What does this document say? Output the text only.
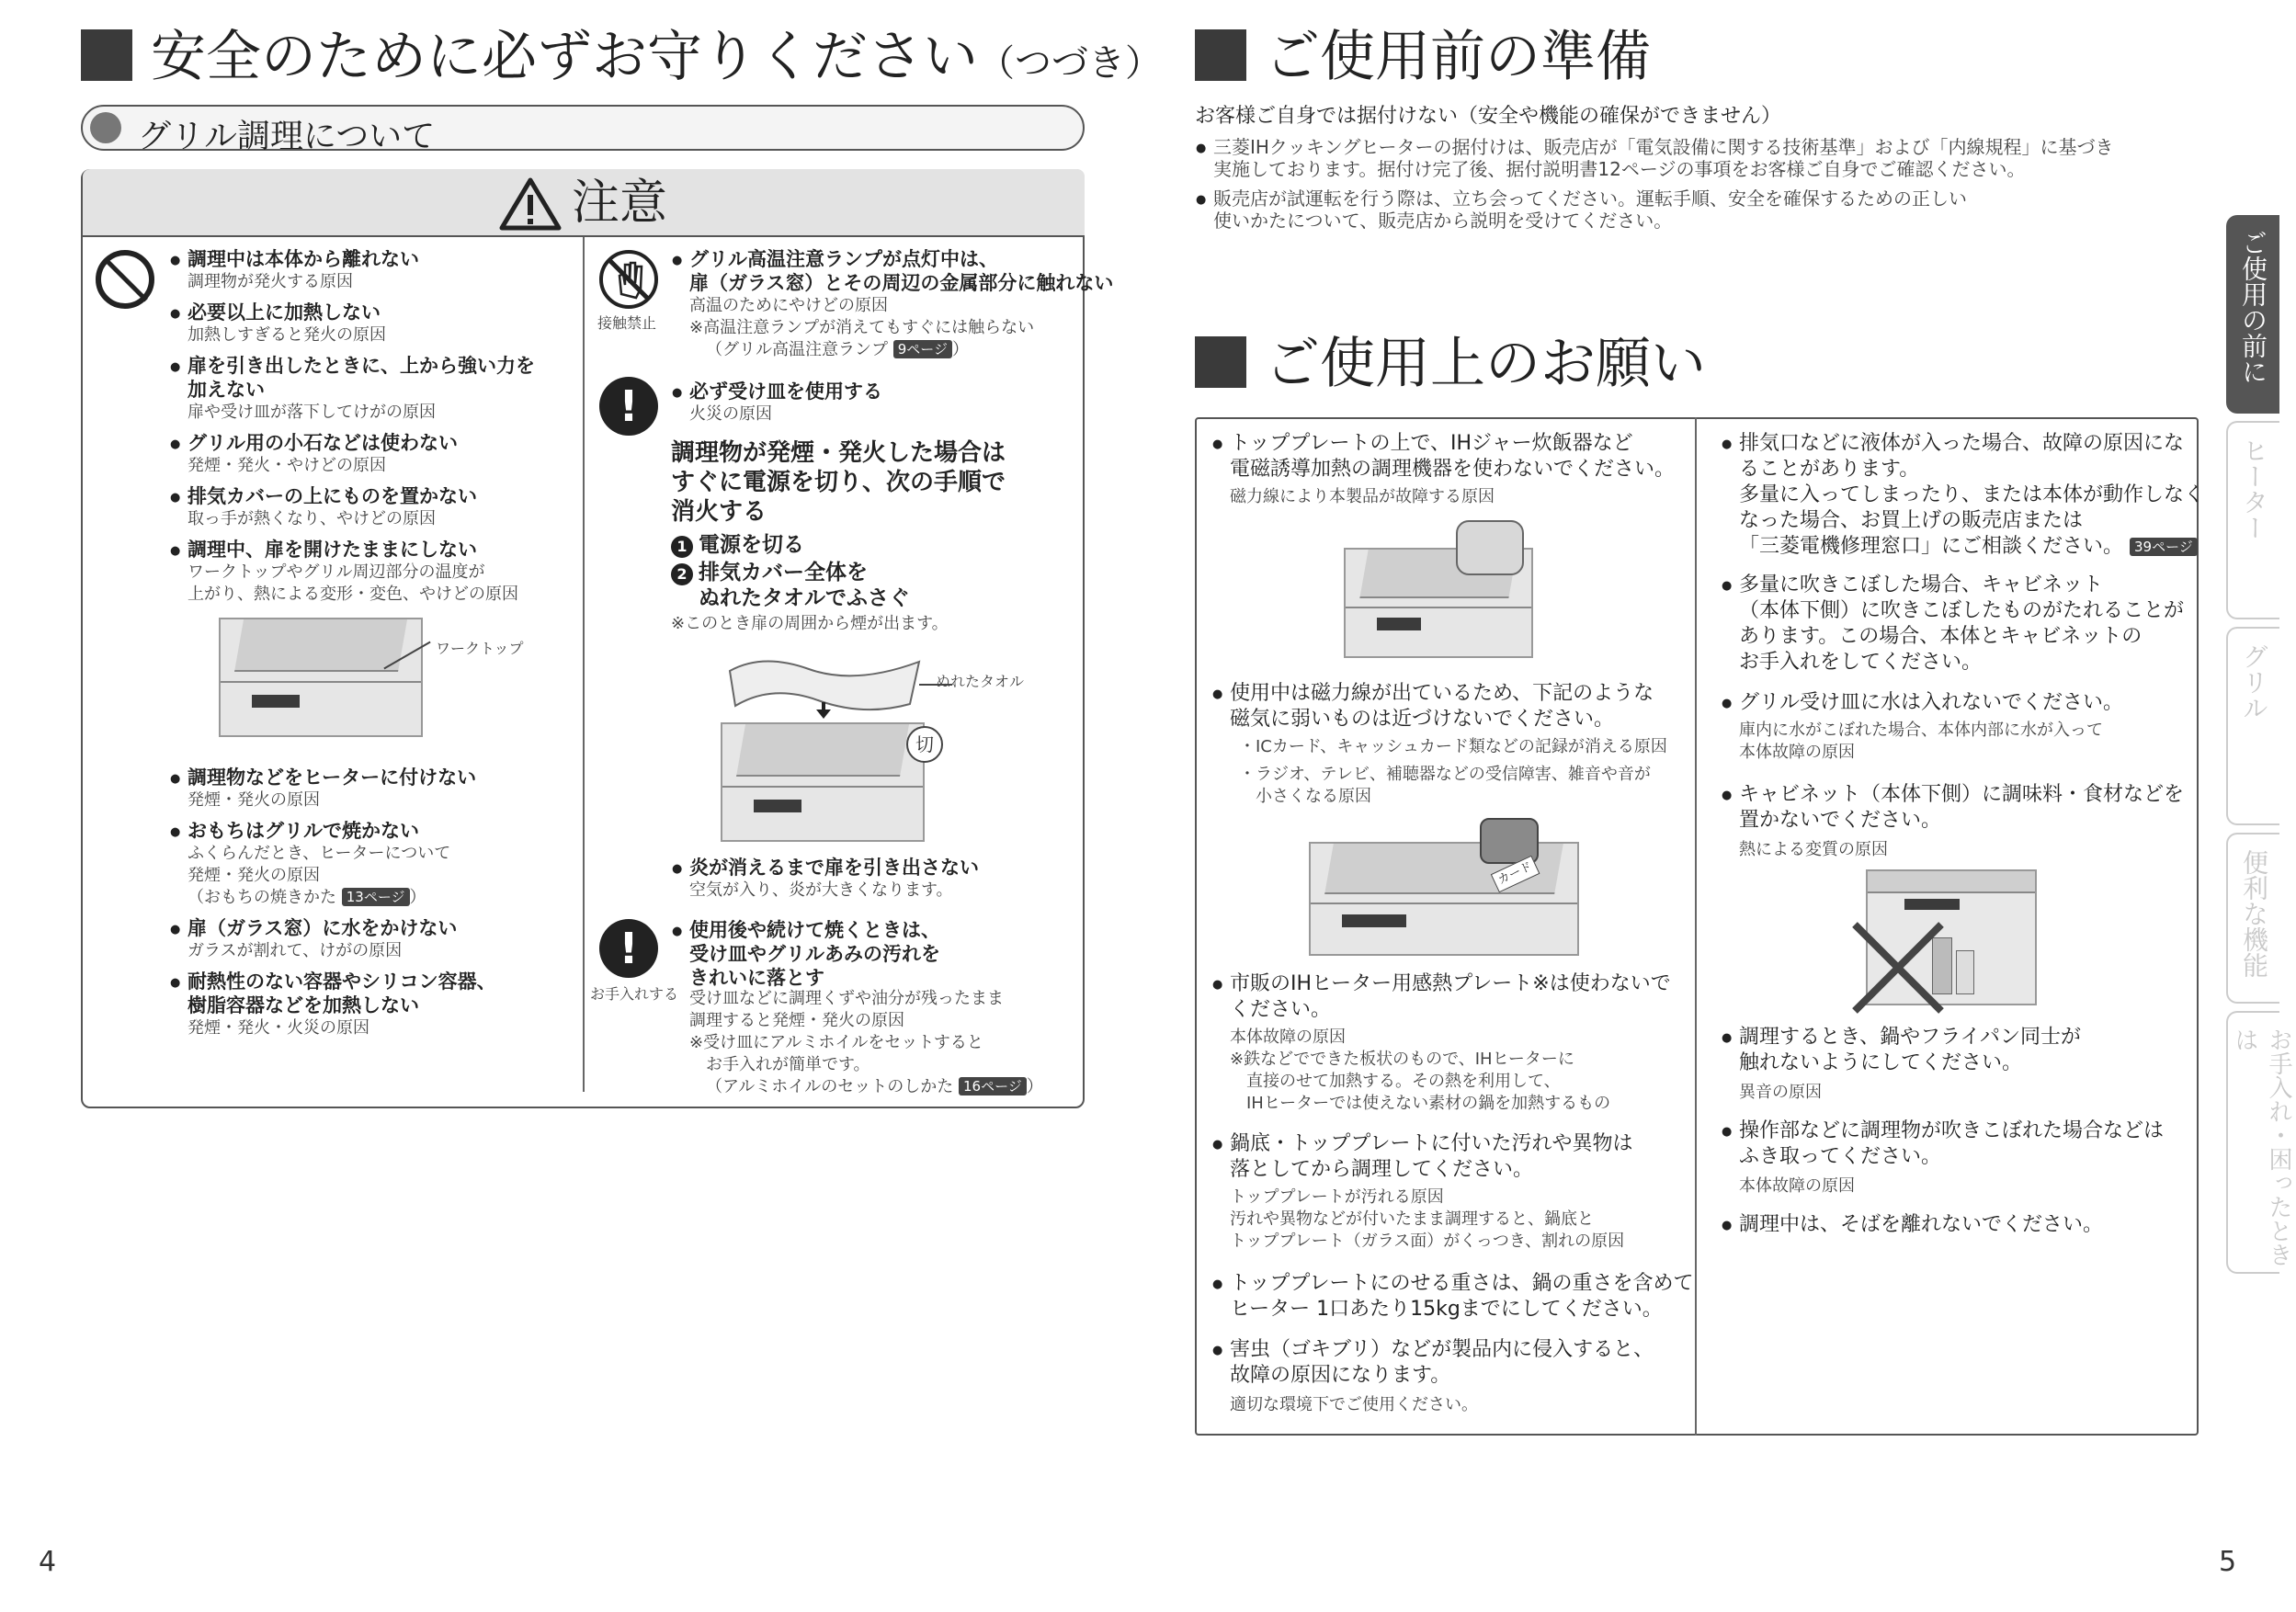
安全のために必ずお守りください（つづき）
グリル調理について
注意
● 調理中は本体から離れない
調理物が発火する原因
● 必要以上に加熱しない
加熱しすぎると発火の原因
● 扉を引き出したときに、上から強い力を
加えない
扉や受け皿が落下してけがの原因
● グリル用の小石などは使わない
発煙・発火・やけどの原因
● 排気カバーの上にものを置かない
取っ手が熱くなり、やけどの原因
● 調理中、扉を開けたままにしない
ワークトップやグリル周辺部分の温度が
上がり、熱による変形・変色、やけどの原因
ワークトップ
● 調理物などをヒーターに付けない
発煙・発火の原因
● おもちはグリルで焼かない
ふくらんだとき、ヒーターについて
発煙・発火の原因
（おもちの焼きかた 13ページ ）
● 扉（ガラス窓）に水をかけない
ガラスが割れて、けがの原因
● 耐熱性のない容器やシリコン容器、
樹脂容器などを加熱しない
発煙・発火・火災の原因
接触禁止
● グリル高温注意ランプが点灯中は、
扉（ガラス窓）とその周辺の金属部分に触れない
高温のためにやけどの原因
※高温注意ランプが消えてもすぐには触らない
（グリル高温注意ランプ 9ページ ）
!
●	必ず受け皿を使用する
火災の原因
調理物が発煙・発火した場合は
すぐに電源を切り、次の手順で
消火する
1 電源を切る
2 排気カバー全体を
ぬれたタオルでふさぐ
※このとき扉の周囲から煙が出ます。
ぬれたタオル
切
● 炎が消えるまで扉を引き出さない
空気が入り、炎が大きくなります。
!
お手入れする
● 使用後や続けて焼くときは、
受け皿やグリルあみの汚れを
きれいに落とす
受け皿などに調理くずや油分が残ったまま
調理すると発煙・発火の原因
※受け皿にアルミホイルをセットすると
　お手入れが簡単です。
（アルミホイルのセットのしかた 16ページ ）
4
ご使用前の準備
お客様ご自身では据付けない（安全や機能の確保ができません）
● 三菱IHクッキングヒーターの据付けは、販売店が「電気設備に関する技術基準」および「内線規程」に基づき
実施しております。据付け完了後、据付説明書12ページの事項をお客様ご自身でご確認ください。
● 販売店が試運転を行う際は、立ち会ってください。運転手順、安全を確保するための正しい
使いかたについて、販売店から説明を受けてください。
ご使用上のお願い
● トッププレートの上で、IHジャー炊飯器など
電磁誘導加熱の調理機器を使わないでください。
磁力線により本製品が故障する原因
● 使用中は磁力線が出ているため、下記のような
磁気に弱いものは近づけないでください。
・ICカード、キャッシュカード類などの記録が消える原因
・ラジオ、テレビ、補聴器などの受信障害、雑音や音が
　小さくなる原因
カード
● 市販のIHヒーター用感熱プレート※は使わないで
ください。
本体故障の原因
※鉄などでできた板状のもので、IHヒーターに
　直接のせて加熱する。その熱を利用して、
　IHヒーターでは使えない素材の鍋を加熱するもの
● 鍋底・トッププレートに付いた汚れや異物は
落としてから調理してください。
トッププレートが汚れる原因
汚れや異物などが付いたまま調理すると、鍋底と
トッププレート（ガラス面）がくっつき、割れの原因
● トッププレートにのせる重さは、鍋の重さを含めて
ヒーター 1口あたり15kgまでにしてください。
● 害虫（ゴキブリ）などが製品内に侵入すると、
故障の原因になります。
適切な環境下でご使用ください。
● 排気口などに液体が入った場合、故障の原因にな
ることがあります。
多量に入ってしまったり、または本体が動作しなく
なった場合、お買上げの販売店または
「三菱電機修理窓口」にご相談ください。 39ページ
● 多量に吹きこぼした場合、キャビネット
（本体下側）に吹きこぼしたものがたれることが
あります。この場合、本体とキャビネットの
お手入れをしてください。
● グリル受け皿に水は入れないでください。
庫内に水がこぼれた場合、本体内部に水が入って
本体故障の原因
● キャビネット（本体下側）に調味料・食材などを
置かないでください。
熱による変質の原因
● 調理するとき、鍋やフライパン同士が
触れないようにしてください。
異音の原因
● 操作部などに調理物が吹きこぼれた場合などは
ふき取ってください。
本体故障の原因
● 調理中は、そばを離れないでください。
ご使用の前に
ヒーター
グリル
便利な機能
お手入れ・困ったときは
5
